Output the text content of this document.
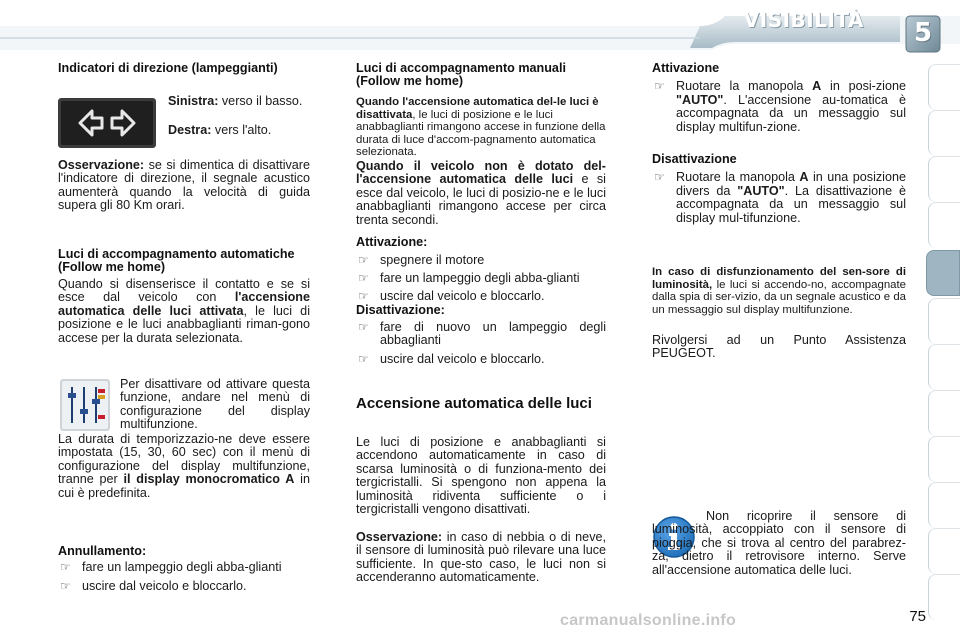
VISIBILITÀ	5
Indicatori di direzione (lampeggianti)
Sinistra: verso il basso.
Destra: vers l'alto.
Osservazione: se si dimentica di disattivare l'indicatore di direzione, il segnale acustico aumenterà quando la velocità di guida supera gli 80 Km orari.
Luci di accompagnamento automatiche (Follow me home)
Quando si disenserisce il contatto e se si esce dal veicolo con l'accensione automatica delle luci attivata, le luci di posizione e le luci anabbaglianti riman-gono accese per la durata selezionata.
Per disattivare od attivare questa funzione, andare nel menù di configurazione del display multifunzione.
La durata di temporizzazio-ne deve essere impostata (15, 30, 60 sec) con il menù di configurazione del display multifunzione, tranne per il display monocromatico A in cui è predefinita.
Annullamento:
☞ fare un lampeggio degli abba-glianti
☞ uscire dal veicolo e bloccarlo.
Luci di accompagnamento manuali (Follow me home)
Quando l'accensione automatica del-le luci è disattivata, le luci di posizione e le luci anabbaglianti rimangono accese in funzione della durata di luce d'accom-pagnamento automatica selezionata.
Quando il veicolo non è dotato del-l'accensione automatica delle luci e si esce dal veicolo, le luci di posizio-ne e le luci anabbaglianti rimangono accese per circa trenta secondi.
Attivazione:
☞ spegnere il motore
☞ fare un lampeggio degli abba-glianti
☞ uscire dal veicolo e bloccarlo.
Disattivazione:
☞ fare di nuovo un lampeggio degli abbaglianti
☞ uscire dal veicolo e bloccarlo.
Accensione automatica delle luci
Le luci di posizione e anabbaglianti si accendono automaticamente in caso di scarsa luminosità o di funziona-mento dei tergicristalli. Si spengono non appena la luminosità ridiventa sufficiente o i tergicristalli vengono disattivati.
Osservazione: in caso di nebbia o di neve, il sensore di luminosità può rilevare una luce sufficiente. In que-sto caso, le luci non si accenderanno automaticamente.
Attivazione
☞ Ruotare la manopola A in posi-zione "AUTO". L'accensione au-tomatica è accompagnata da un messaggio sul display multifun-zione.
Disattivazione
☞ Ruotare la manopola A in una posizione divers da "AUTO". La disattivazione è accompagnata da un messaggio sul display mul-tifunzione.
In caso di disfunzionamento del sen-sore di luminosità, le luci si accendo-no, accompagnate dalla spia di ser-vizio, da un segnale acustico e da un messaggio sul display multifunzione.
Rivolgersi ad un Punto Assistenza PEUGEOT.
Non ricoprire il sensore di luminosità, accoppiato con il sensore di pioggia, che si trova al centro del parabrez-za, dietro il retrovisore interno. Serve all'accensione automatica delle luci.
75
carmanualsonline.info
